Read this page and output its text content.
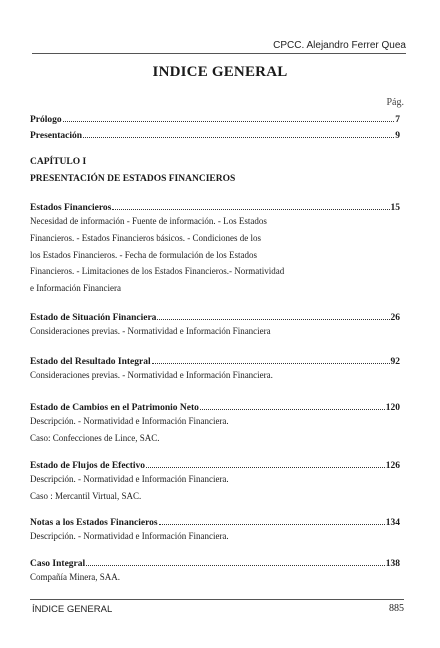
CPCC. Alejandro Ferrer Quea
INDICE GENERAL
Pág.
Prólogo	7
Presentación	9
CAPÍTULO I
PRESENTACIÓN DE ESTADOS FINANCIEROS
Estados Financieros	15
Necesidad de información - Fuente de información. - Los Estados
Financieros. - Estados Financieros básicos. - Condiciones de los
los Estados Financieros. - Fecha de formulación de los Estados
Financieros. - Limitaciones de los Estados Financieros.- Normatividad
e Información Financiera
Estado de Situación Financiera	26
Consideraciones previas. - Normatividad e Información Financiera
Estado del Resultado Integral	92
Consideraciones previas. - Normatividad e Información Financiera.
Estado de Cambios en el Patrimonio Neto	120
Descripción. - Normatividad e Información Financiera.
Caso: Confecciones de Lince, SAC.
Estado de Flujos de Efectivo	126
Descripción. - Normatividad e Información Financiera.
Caso : Mercantil Virtual, SAC.
Notas a los Estados Financieros	134
Descripción. - Normatividad e Información Financiera.
Caso Integral	138
Compañía Minera, SAA.
ÍNDICE GENERAL	885
